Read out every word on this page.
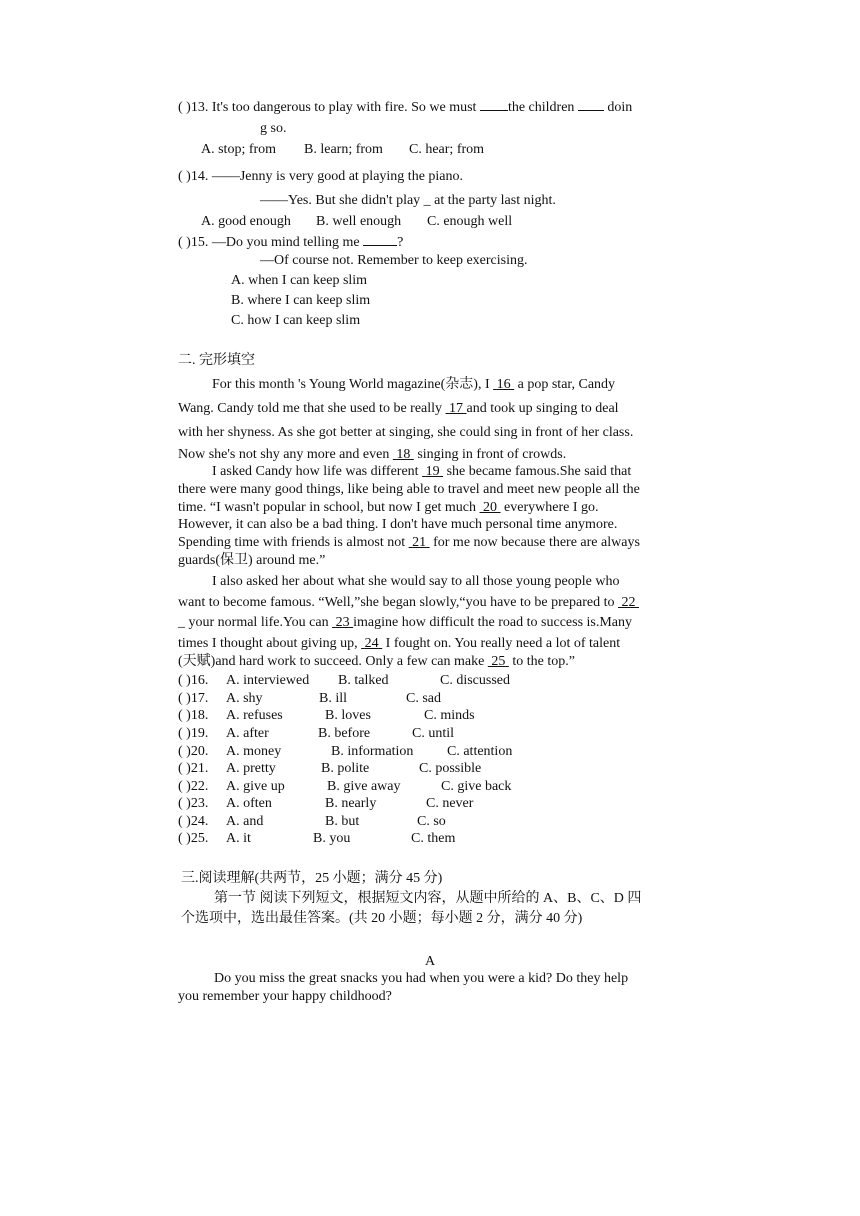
( )13. It's too dangerous to play with fire. So we must the children  doin
g so.
A. stop; from B. learn; from C. hear; from
( )14. ——Jenny is very good at playing the piano.
——Yes. But she didn't play _ at the party last night.
A. good enough B. well enough C. enough well
( )15. —Do you mind telling me ?
—Of course not. Remember to keep exercising.
A. when I can keep slim
B. where I can keep slim
C. how I can keep slim
二. 完形填空
For this month 's Young World magazine(杂志), I  16  a pop star, Candy
Wang. Candy told me that she used to be really  17 and took up singing to deal
with her shyness. As she got better at singing, she could sing in front of her class.
Now she's not shy any more and even  18  singing in front of crowds.
I asked Candy how life was different  19  she became famous.She said that
there were many good things, like being able to travel and meet new people all the
time. “I wasn't popular in school, but now I get much  20  everywhere I go.
However, it can also be a bad thing. I don't have much personal time anymore.
Spending time with friends is almost not  21  for me now because there are always
guards(保卫) around me.”
I also asked her about what she would say to all those young people who
want to become famous. “Well,”she began slowly,“you have to be prepared to  22
_ your normal life.You can  23 imagine how difficult the road to success is.Many
times I thought about giving up,  24  I fought on. You really need a lot of talent
(天赋)and hard work to succeed. Only a few can make  25  to the top.”
( )16. A. interviewed B. talked	C. discussed
( )17. A. shy	B. ill	C. sad
( )18. A. refuses	B. loves	C. minds
( )19. A. after	B. before	C. until
( )20. A. money	B. information C. attention
( )21. A. pretty	B. polite	C. possible
( )22. A. give up	B. give away	C. give back
( )23. A. often	B. nearly	C. never
( )24. A. and	B. but	C. so
( )25. A. it	B. you	C. them
三.阅读理解(共两节，25 小题；满分 45 分)
第一节 阅读下列短文，根据短文内容，从题中所给的 A、B、C、D 四
个选项中，选出最佳答案。(共 20 小题；每小题 2 分，满分 40 分)
A
Do you miss the great snacks you had when you were a kid? Do they help
you remember your happy childhood?
